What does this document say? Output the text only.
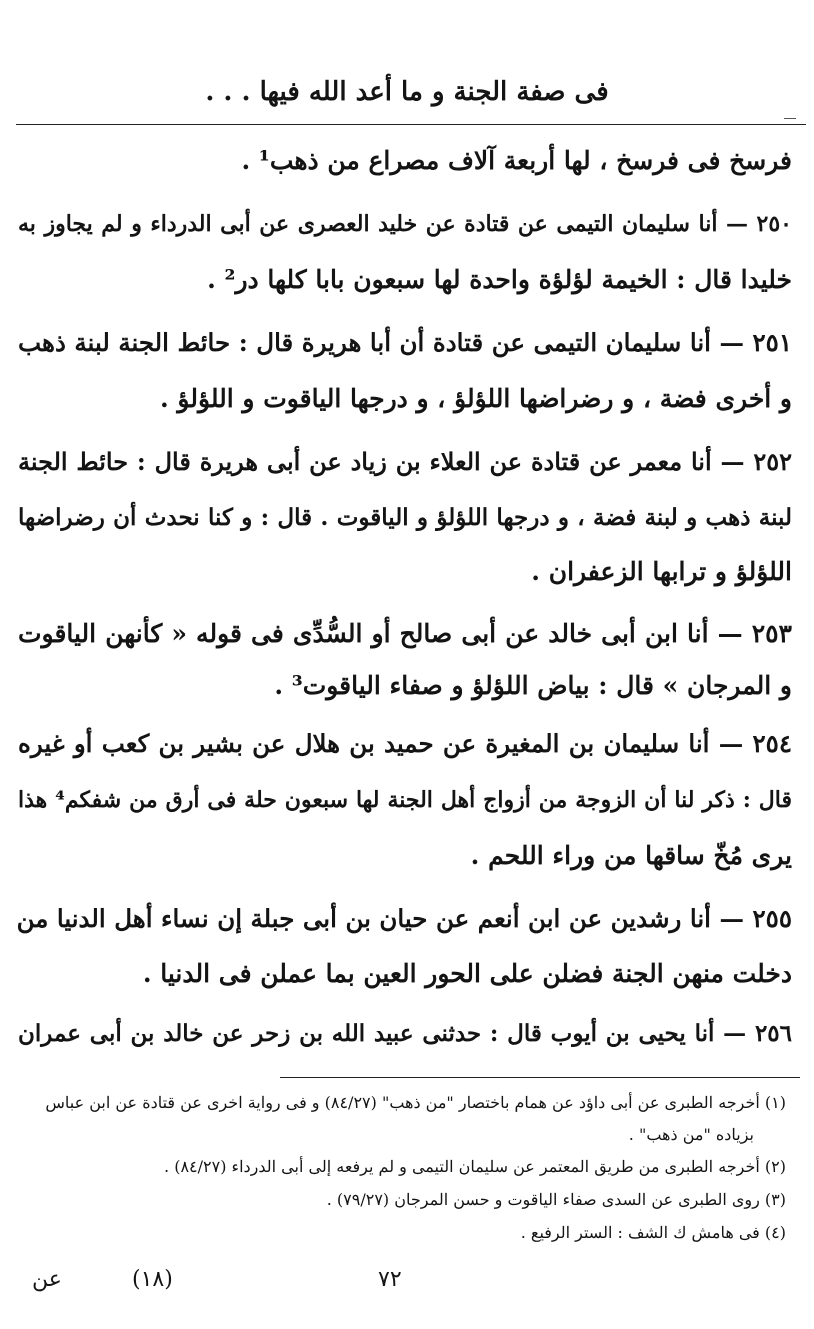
فى صفة الجنة و ما أعد الله فيها . . .
فرسخ فى فرسخ ، لها أربعة آلاف مصراع من ذهب¹ .
٢٥٠ — أنا سليمان التيمى عن قتادة عن خليد العصرى عن أبى الدرداء و لم يجاوز به
خليدا قال : الخيمة لؤلؤة واحدة لها سبعون بابا كلها در² .
٢٥١ — أنا سليمان التيمى عن قتادة أن أبا هريرة قال : حائط الجنة لبنة ذهب
و أخرى فضة ، و رضراضها اللؤلؤ ، و درجها الياقوت و اللؤلؤ .
٢٥٢ — أنا معمر عن قتادة عن العلاء بن زياد عن أبى هريرة قال : حائط الجنة
لبنة ذهب و لبنة فضة ، و درجها اللؤلؤ و الياقوت . قال : و كنا نحدث أن رضراضها
اللؤلؤ و ترابها الزعفران .
٢٥٣ — أنا ابن أبى خالد عن أبى صالح أو السُّدِّى فى قوله « كأنهن الياقوت
و المرجان » قال : بياض اللؤلؤ و صفاء الياقوت³ .
٢٥٤ — أنا سليمان بن المغيرة عن حميد بن هلال عن بشير بن كعب أو غيره
قال : ذكر لنا أن الزوجة من أزواج أهل الجنة لها سبعون حلة فى أرق من شفكم⁴ هذا
يرى مُخّ ساقها من وراء اللحم .
٢٥٥ — أنا رشدين عن ابن أنعم عن حيان بن أبى جبلة إن نساء أهل الدنيا من
دخلت منهن الجنة فضلن على الحور العين بما عملن فى الدنيا .
٢٥٦ — أنا يحيى بن أيوب قال : حدثنى عبيد الله بن زحر عن خالد بن أبى عمران
(١) أخرجه الطبرى عن أبى داؤد عن همام باختصار "من ذهب" (٨٤/٢٧) و فى رواية اخرى عن قتادة عن ابن عباس
بزياده "من ذهب" .
(٢) أخرجه الطبرى من طريق المعتمر عن سليمان التيمى و لم يرفعه إلى أبى الدرداء (٨٤/٢٧) .
(٣) روى الطبرى عن السدى صفاء الياقوت و حسن المرجان (٧٩/٢٧) .
(٤) فى هامش ك الشف : الستر الرفيع .
عن	(١٨)	٧٢
